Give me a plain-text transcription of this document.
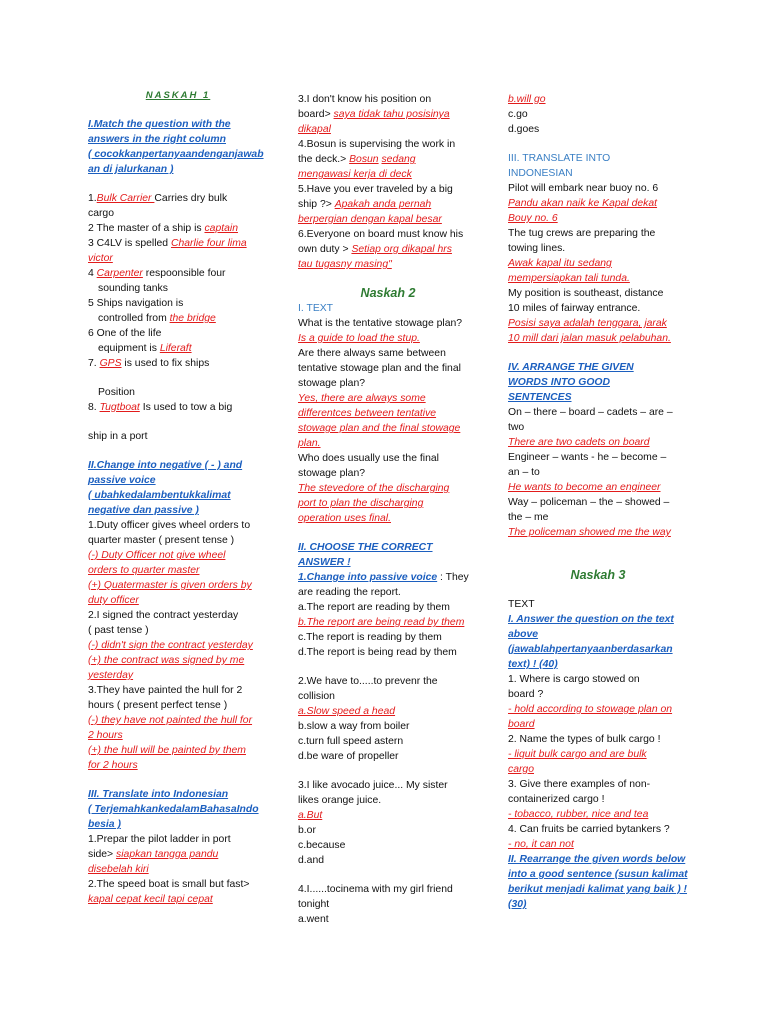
NASKAH 1
I.Match the question with the
answers in the right column
( cocokkanpertanyaandenganjawab
an di jalurkanan )
1.Bulk Carrier Carries dry bulk
cargo
2 The master of a ship is captain
3 C4LV is spelled Charlie four lima
victor
4 Carpenter respoonsible four
sounding tanks
5 Ships navigation is
controlled from the bridge
6 One of the life
equipment is Liferaft
7. GPS is used to fix ships
Position
8. Tugtboat Is used to tow a big
ship in a port
II.Change into negative ( - ) and
passive voice
( ubahkedalambentukkalimat
negative dan passive )
1.Duty officer gives wheel orders to
quarter master ( present tense )
(-) Duty Officer not give wheel
orders to quarter master
(+) Quatermaster is given orders by
duty officer
2.I signed the contract yesterday
( past tense )
(-) didn't sign the contract yesterday
(+) the contract was signed by me
yesterday
3.They have painted the hull for 2
hours ( present perfect tense )
(-) they have not painted the hull for
2 hours
(+) the hull will be painted by them
for 2 hours
III. Translate into Indonesian
( TerjemahkankedalamBahasaIndo
besia )
1.Prepar the pilot ladder in port
side> siapkan tangga pandu
disebelah kiri
2.The speed boat is small but fast>
kapal cepat kecil tapi cepat
3.I don't know his position on
board> saya tidak tahu posisinya
dikapal
4.Bosun is supervising the work in
the deck.> Bosun sedang
mengawasi kerja di deck
5.Have you ever traveled by a big
ship ?> Apakah anda pernah
berpergian dengan kapal besar
6.Everyone on board must know his
own duty > Setiap org dikapal hrs
tau tugasny masing"
Naskah 2
I. TEXT
What is the tentative stowage plan?
Is a guide to load the stup.
Are there always same between
tentative stowage plan and the final
stowage plan?
Yes, there are always some
differentces between tentative
stowage plan and the final stowage
plan.
Who does usually use the final
stowage plan?
The stevedore of the discharging
port to plan the discharging
operation uses final.
II. CHOOSE THE CORRECT
ANSWER !
1.Change into passive voice : They
are reading the report.
a.The report are reading by them
b.The report are being read by them
c.The report is reading by them
d.The report is being read by them
2.We have to.....to prevenr the
collision
a.Slow speed a head
b.slow a way from boiler
c.turn full speed astern
d.be ware of propeller
3.I like avocado juice... My sister
likes orange juice.
a.But
b.or
c.because
d.and
4.I......tocinema with my girl friend
tonight
a.went
b.will go
c.go
d.goes
III. TRANSLATE INTO
INDONESIAN
Pilot will embark near buoy no. 6
Pandu akan naik ke Kapal dekat
Bouy no. 6
The tug crews are preparing the
towing lines.
Awak kapal itu sedang
mempersiapkan tali tunda.
My position is southeast, distance
10 miles of fairway entrance.
Posisi saya adalah tenggara, jarak
10 mill dari jalan masuk pelabuhan.
IV. ARRANGE THE GIVEN
WORDS INTO GOOD
SENTENCES
On – there – board – cadets – are –
two
There are two cadets on board
Engineer – wants - he – become –
an – to
He wants to become an engineer
Way – policeman – the – showed –
the – me
The policeman showed me the way
Naskah 3
TEXT
I. Answer the question on the text
above
(jawablahpertanyaanberdasarkan
text) ! (40)
1. Where is cargo stowed on
board ?
- hold according to stowage plan on
board
2. Name the types of bulk cargo !
- liquit bulk cargo and are bulk
cargo
3. Give there examples of non-
containerized cargo !
- tobacco, rubber, nice and tea
4. Can fruits be carried bytankers ?
- no, it can not
II. Rearrange the given words below
into a good sentence (susun kalimat
berikut menjadi kalimat yang baik ) !
(30)
